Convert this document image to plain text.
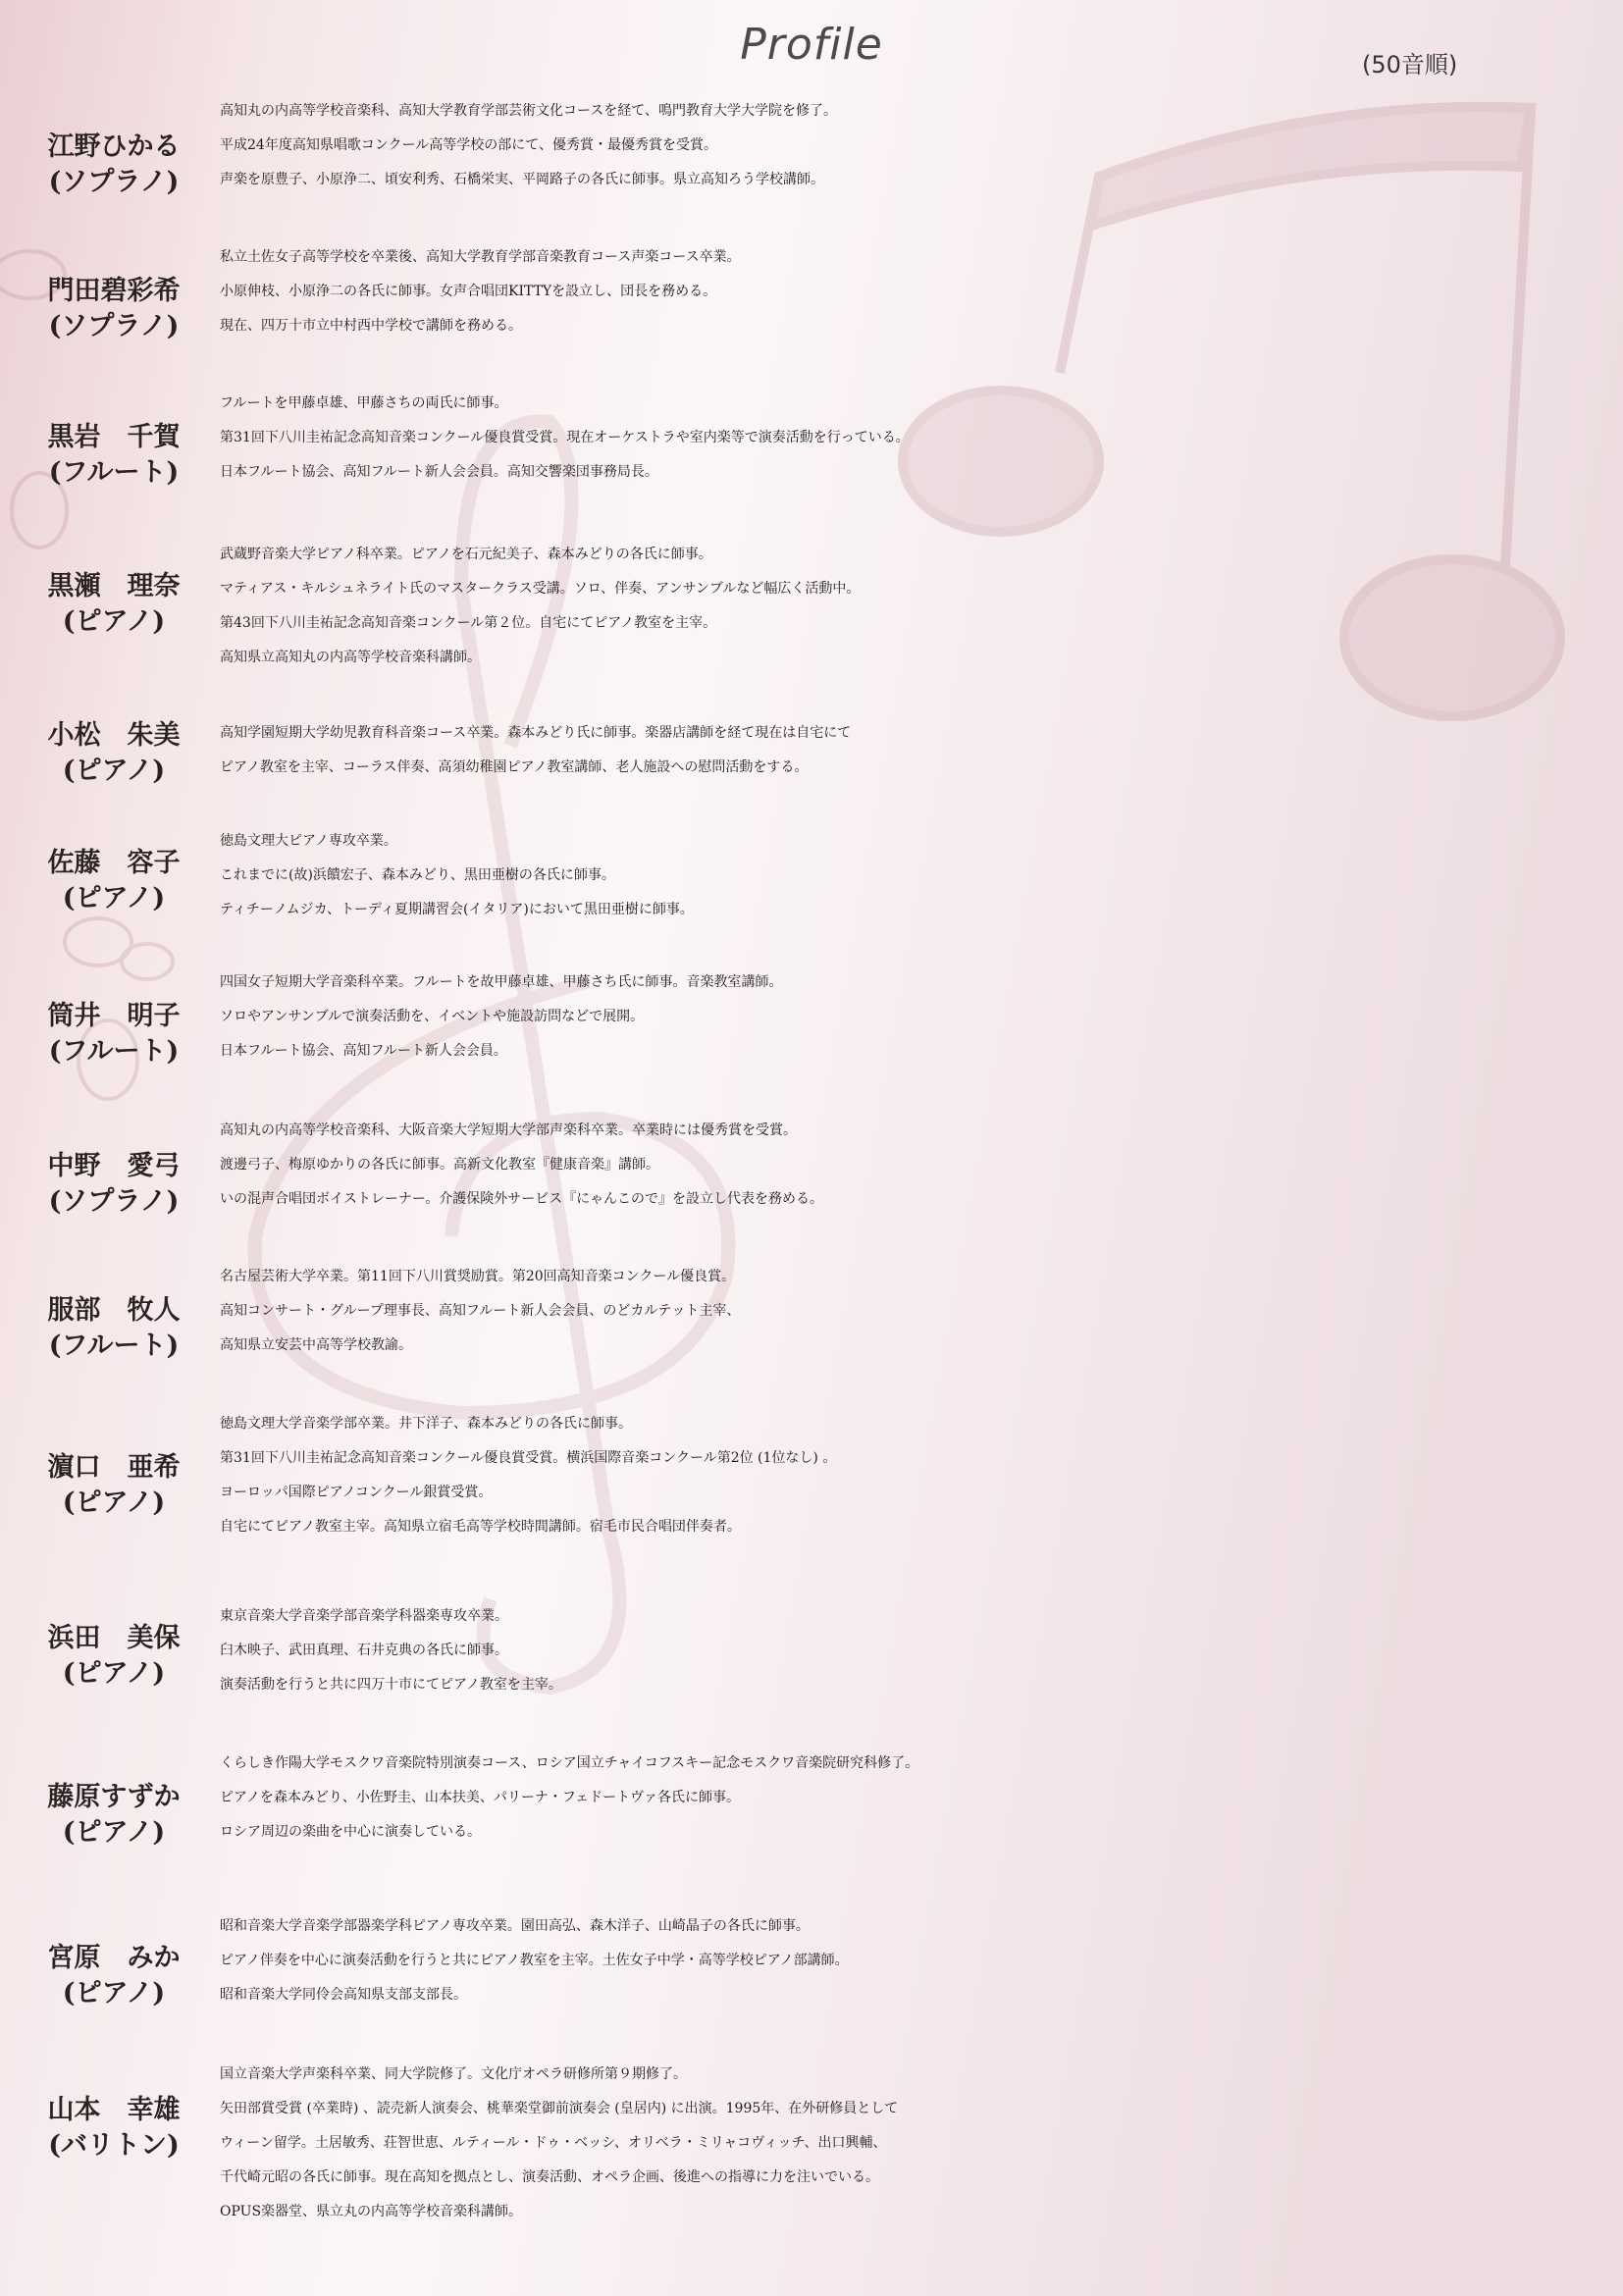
Profile	(50音順)
江野ひかる
(ソプラノ)
高知丸の内高等学校音楽科、高知大学教育学部芸術文化コースを経て、鳴門教育大学大学院を修了。
平成24年度高知県唱歌コンクール高等学校の部にて、優秀賞・最優秀賞を受賞。
声楽を原豊子、小原浄二、頃安利秀、石橋栄実、平岡路子の各氏に師事。県立高知ろう学校講師。
門田碧彩希
(ソプラノ)
私立土佐女子高等学校を卒業後、高知大学教育学部音楽教育コース声楽コース卒業。
小原伸枝、小原浄二の各氏に師事。女声合唱団KITTYを設立し、団長を務める。
現在、四万十市立中村西中学校で講師を務める。
黒岩　千賀
(フルート)
フルートを甲藤卓雄、甲藤さちの両氏に師事。
第31回下八川圭祐記念高知音楽コンクール優良賞受賞。現在オーケストラや室内楽等で演奏活動を行っている。
日本フルート協会、高知フルート新人会会員。高知交響楽団事務局長。
黒瀬　理奈
(ピアノ)
武蔵野音楽大学ピアノ科卒業。ピアノを石元紀美子、森本みどりの各氏に師事。
マティアス・キルシュネライト氏のマスタークラス受講。ソロ、伴奏、アンサンブルなど幅広く活動中。
第43回下八川圭祐記念高知音楽コンクール第２位。自宅にてピアノ教室を主宰。
高知県立高知丸の内高等学校音楽科講師。
小松　朱美
(ピアノ)
高知学園短期大学幼児教育科音楽コース卒業。森本みどり氏に師事。楽器店講師を経て現在は自宅にて
ピアノ教室を主宰、コーラス伴奏、高須幼稚園ピアノ教室講師、老人施設への慰問活動をする。
佐藤　容子
(ピアノ)
徳島文理大ピアノ専攻卒業。
これまでに(故)浜饋宏子、森本みどり、黒田亜樹の各氏に師事。
ティチーノムジカ、トーディ夏期講習会(イタリア)において黒田亜樹に師事。
筒井　明子
(フルート)
四国女子短期大学音楽科卒業。フルートを故甲藤卓雄、甲藤さち氏に師事。音楽教室講師。
ソロやアンサンブルで演奏活動を、イベントや施設訪問などで展開。
日本フルート協会、高知フルート新人会会員。
中野　愛弓
(ソプラノ)
高知丸の内高等学校音楽科、大阪音楽大学短期大学部声楽科卒業。卒業時には優秀賞を受賞。
渡邊弓子、梅原ゆかりの各氏に師事。高新文化教室『健康音楽』講師。
いの混声合唱団ボイストレーナー。介護保険外サービス『にゃんこので』を設立し代表を務める。
服部　牧人
(フルート)
名古屋芸術大学卒業。第11回下八川賞奨励賞。第20回高知音楽コンクール優良賞。
高知コンサート・グループ理事長、高知フルート新人会会員、のどカルテット主宰、
高知県立安芸中高等学校教諭。
濵口　亜希
(ピアノ)
徳島文理大学音楽学部卒業。井下洋子、森本みどりの各氏に師事。
第31回下八川圭祐記念高知音楽コンクール優良賞受賞。横浜国際音楽コンクール第2位 (1位なし) 。
ヨーロッパ国際ピアノコンクール銀賞受賞。
自宅にてピアノ教室主宰。高知県立宿毛高等学校時間講師。宿毛市民合唱団伴奏者。
浜田　美保
(ピアノ)
東京音楽大学音楽学部音楽学科器楽専攻卒業。
臼木映子、武田真理、石井克典の各氏に師事。
演奏活動を行うと共に四万十市にてピアノ教室を主宰。
藤原すずか
(ピアノ)
くらしき作陽大学モスクワ音楽院特別演奏コース、ロシア国立チャイコフスキー記念モスクワ音楽院研究科修了。
ピアノを森本みどり、小佐野圭、山本扶美、パリーナ・フェドートヴァ各氏に師事。
ロシア周辺の楽曲を中心に演奏している。
宮原　みか
(ピアノ)
昭和音楽大学音楽学部器楽学科ピアノ専攻卒業。園田高弘、森木洋子、山崎晶子の各氏に師事。
ピアノ伴奏を中心に演奏活動を行うと共にピアノ教室を主宰。土佐女子中学・高等学校ピアノ部講師。
昭和音楽大学同伶会高知県支部支部長。
山本　幸雄
(バリトン)
国立音楽大学声楽科卒業、同大学院修了。文化庁オペラ研修所第９期修了。
矢田部賞受賞 (卒業時) 、読売新人演奏会、桃華楽堂御前演奏会 (皇居内) に出演。1995年、在外研修員として
ウィーン留学。土居敏秀、荘智世恵、ルティール・ドゥ・ベッシ、オリベラ・ミリャコヴィッチ、出口興輔、
千代崎元昭の各氏に師事。現在高知を拠点とし、演奏活動、オペラ企画、後進への指導に力を注いでいる。
OPUS楽器堂、県立丸の内高等学校音楽科講師。
